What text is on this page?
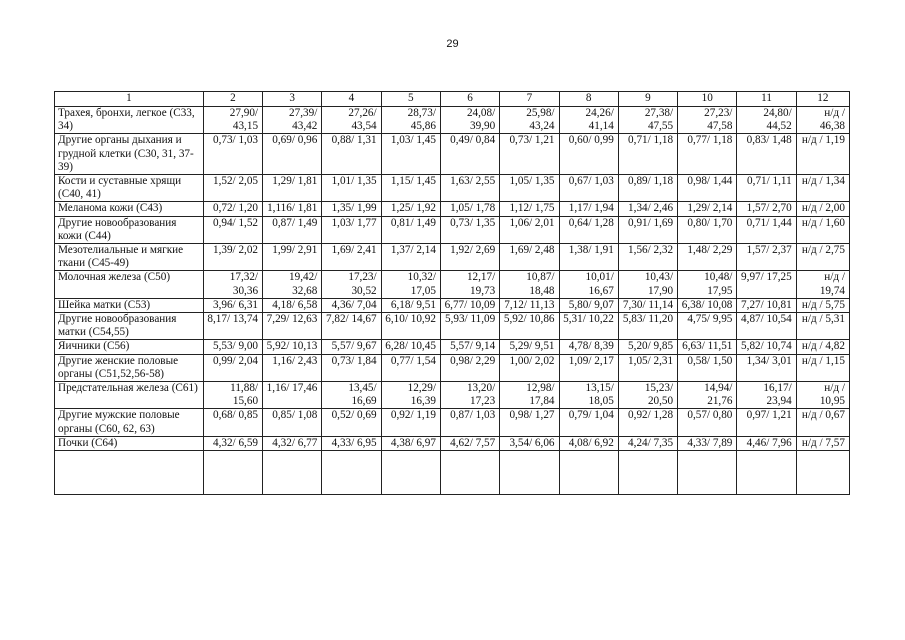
29
1	2	3	4	5	6	7	8	9	10	11	12
Трахея, бронхи, легкое (С33, 34)	27,90/ 43,15	27,39/ 43,42	27,26/ 43,54	28,73/ 45,86	24,08/ 39,90	25,98/ 43,24	24,26/ 41,14	27,38/ 47,55	27,23/ 47,58	24,80/ 44,52	н/д / 46,38
Другие органы дыхания и грудной клетки (С30, 31, 37-39)	0,73/ 1,03	0,69/ 0,96	0,88/ 1,31	1,03/ 1,45	0,49/ 0,84	0,73/ 1,21	0,60/ 0,99	0,71/ 1,18	0,77/ 1,18	0,83/ 1,48	н/д / 1,19
Кости и суставные хрящи (С40, 41)	1,52/ 2,05	1,29/ 1,81	1,01/ 1,35	1,15/ 1,45	1,63/ 2,55	1,05/ 1,35	0,67/ 1,03	0,89/ 1,18	0,98/ 1,44	0,71/ 1,11	н/д / 1,34
Меланома кожи (С43)	0,72/ 1,20	1,116/ 1,81	1,35/ 1,99	1,25/ 1,92	1,05/ 1,78	1,12/ 1,75	1,17/ 1,94	1,34/ 2,46	1,29/ 2,14	1,57/ 2,70	н/д / 2,00
Другие новообразования кожи (С44)	0,94/ 1,52	0,87/ 1,49	1,03/ 1,77	0,81/ 1,49	0,73/ 1,35	1,06/ 2,01	0,64/ 1,28	0,91/ 1,69	0,80/ 1,70	0,71/ 1,44	н/д / 1,60
Мезотелиальные и мягкие ткани (С45-49)	1,39/ 2,02	1,99/ 2,91	1,69/ 2,41	1,37/ 2,14	1,92/ 2,69	1,69/ 2,48	1,38/ 1,91	1,56/ 2,32	1,48/ 2,29	1,57/ 2,37	н/д / 2,75
Молочная железа (С50)	17,32/ 30,36	19,42/ 32,68	17,23/ 30,52	10,32/ 17,05	12,17/ 19,73	10,87/ 18,48	10,01/ 16,67	10,43/ 17,90	10,48/ 17,95	9,97/ 17,25	н/д / 19,74
Шейка матки (С53)	3,96/ 6,31	4,18/ 6,58	4,36/ 7,04	6,18/ 9,51	6,77/ 10,09	7,12/ 11,13	5,80/ 9,07	7,30/ 11,14	6,38/ 10,08	7,27/ 10,81	н/д / 5,75
Другие новообразования матки (С54,55)	8,17/ 13,74	7,29/ 12,63	7,82/ 14,67	6,10/ 10,92	5,93/ 11,09	5,92/ 10,86	5,31/ 10,22	5,83/ 11,20	4,75/ 9,95	4,87/ 10,54	н/д / 5,31
Яичники (С56)	5,53/ 9,00	5,92/ 10,13	5,57/ 9,67	6,28/ 10,45	5,57/ 9,14	5,29/ 9,51	4,78/ 8,39	5,20/ 9,85	6,63/ 11,51	5,82/ 10,74	н/д / 4,82
Другие женские половые органы (С51,52,56-58)	0,99/ 2,04	1,16/ 2,43	0,73/ 1,84	0,77/ 1,54	0,98/ 2,29	1,00/ 2,02	1,09/ 2,17	1,05/ 2,31	0,58/ 1,50	1,34/ 3,01	н/д / 1,15
Предстательная железа (С61)	11,88/ 15,60	1,16/ 17,46	13,45/ 16,69	12,29/ 16,39	13,20/ 17,23	12,98/ 17,84	13,15/ 18,05	15,23/ 20,50	14,94/ 21,76	16,17/ 23,94	н/д / 10,95
Другие мужские половые органы (С60, 62, 63)	0,68/ 0,85	0,85/ 1,08	0,52/ 0,69	0,92/ 1,19	0,87/ 1,03	0,98/ 1,27	0,79/ 1,04	0,92/ 1,28	0,57/ 0,80	0,97/ 1,21	н/д / 0,67
Почки (С64)	4,32/ 6,59	4,32/ 6,77	4,33/ 6,95	4,38/ 6,97	4,62/ 7,57	3,54/ 6,06	4,08/ 6,92	4,24/ 7,35	4,33/ 7,89	4,46/ 7,96	н/д / 7,57
